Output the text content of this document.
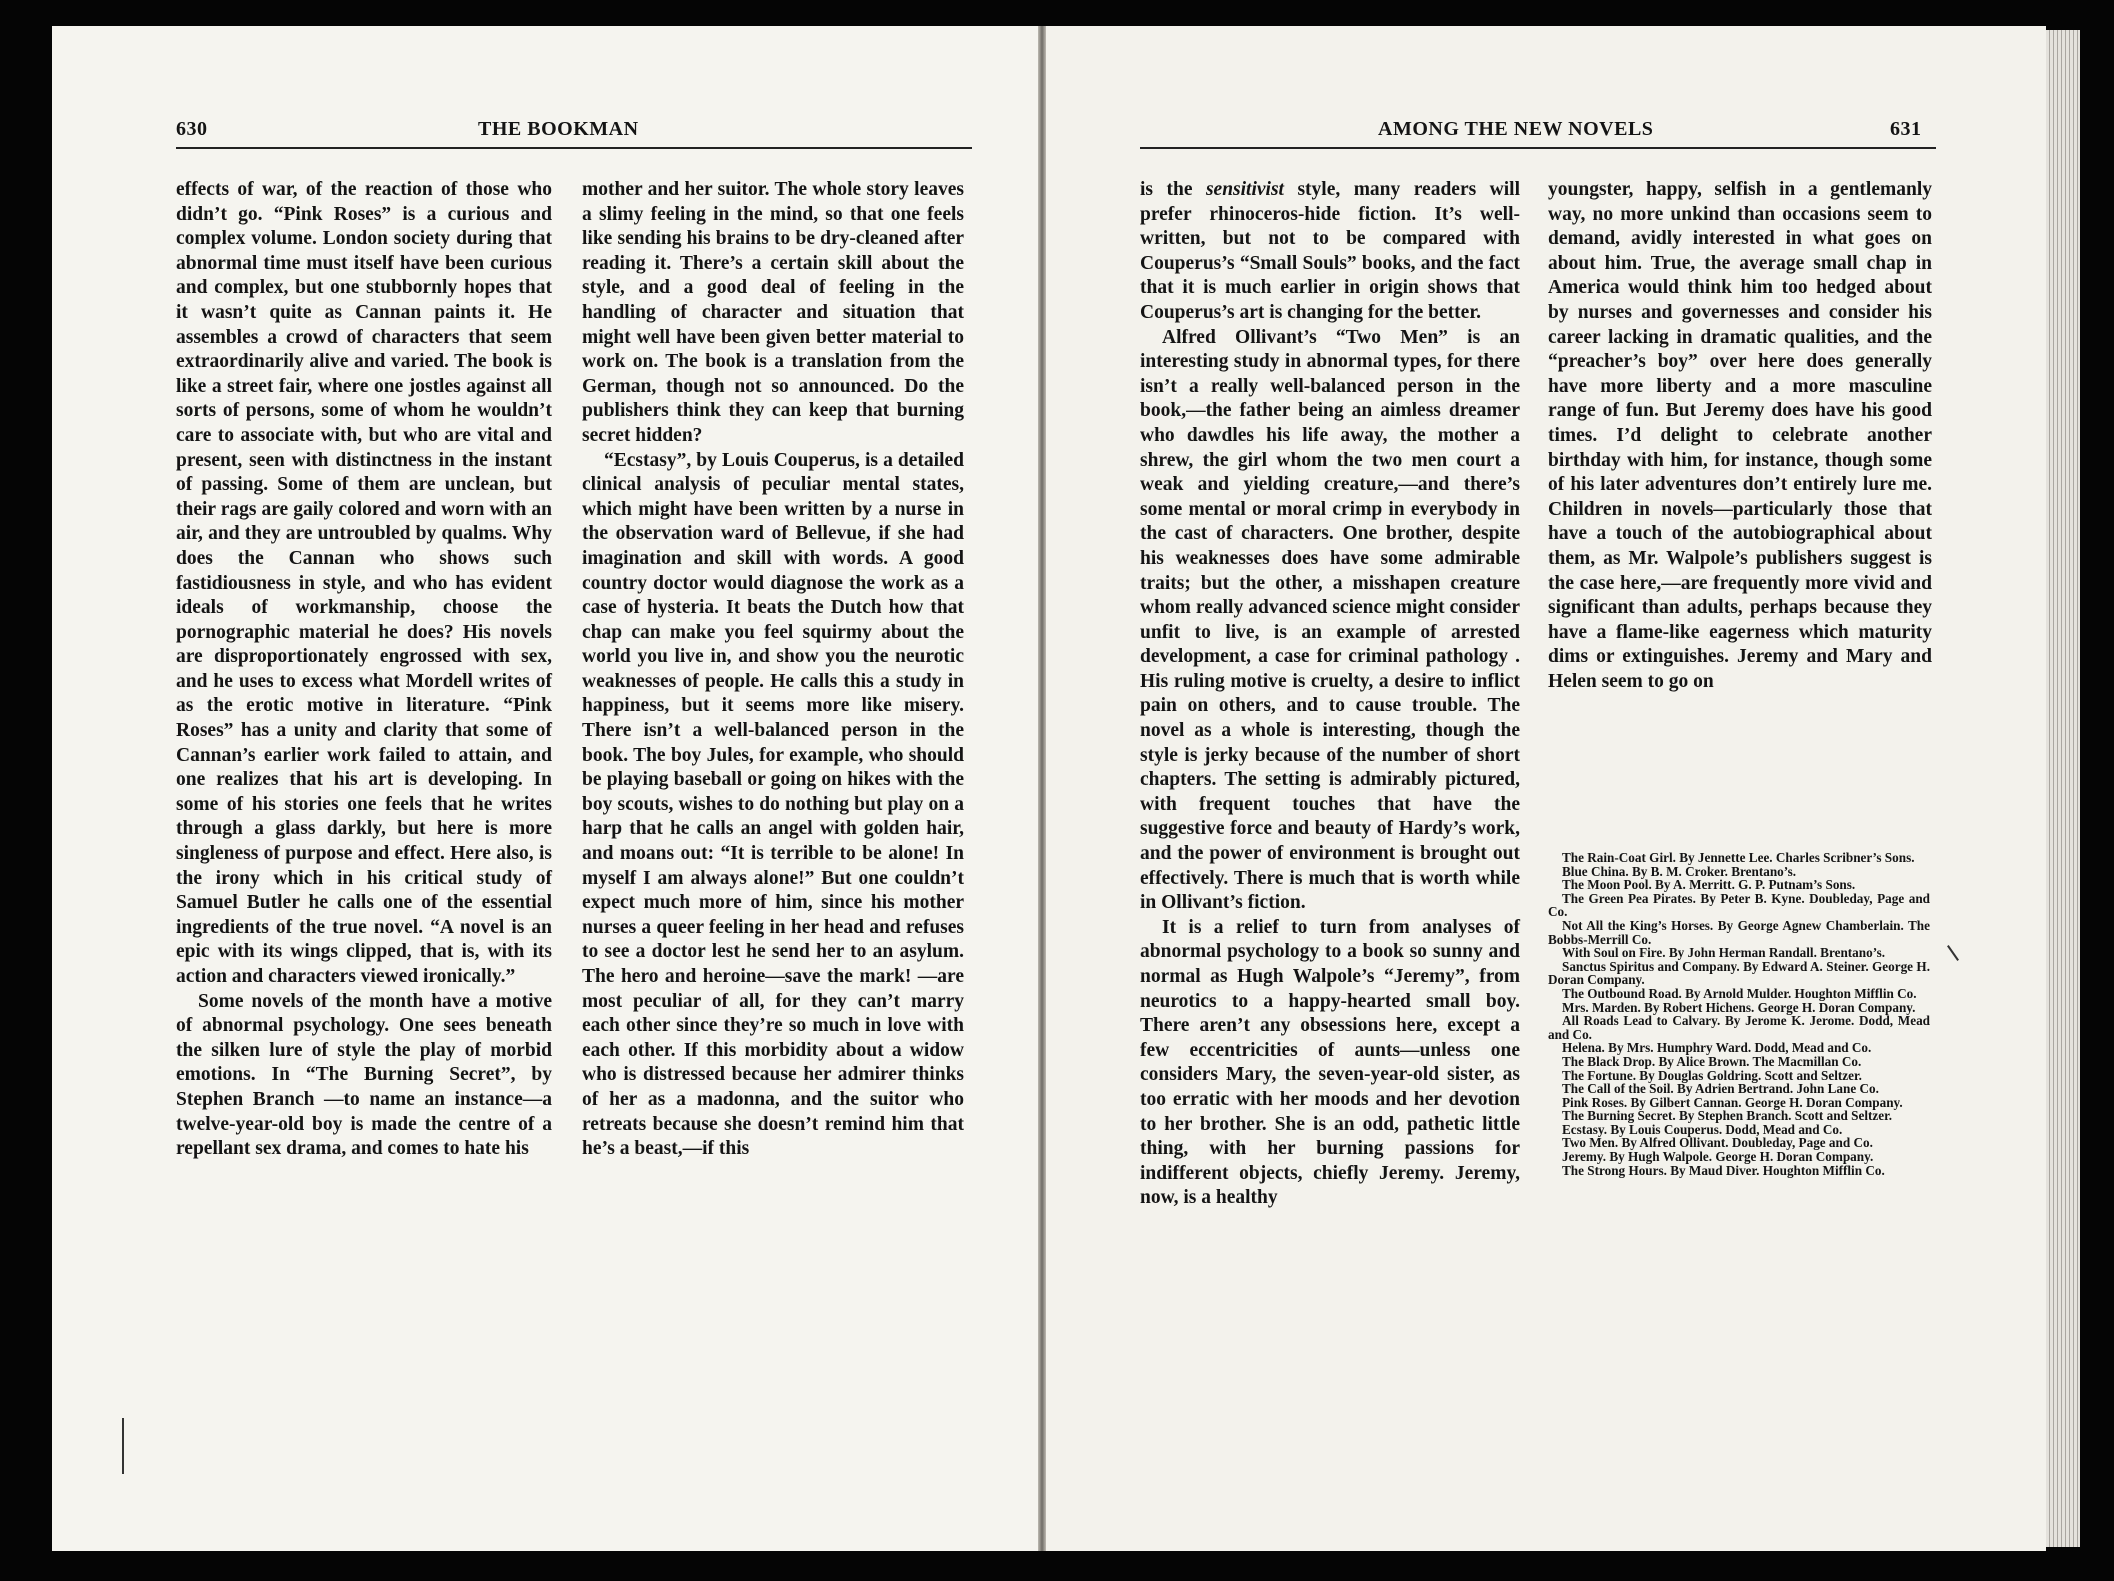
630	THE BOOKMAN

effects of war, of the reaction of those who didn’t go. “Pink Roses” is a curious and complex volume. London society during that abnormal time must itself have been curious and complex, but one stubbornly hopes that it wasn’t quite as Cannan paints it. He assembles a crowd of characters that seem extraordinarily alive and varied. The book is like a street fair, where one jostles against all sorts of persons, some of whom he wouldn’t care to associate with, but who are vital and present, seen with distinctness in the instant of passing. Some of them are unclean, but their rags are gaily colored and worn with an air, and they are untroubled by qualms. Why does the Cannan who shows such fastidiousness in style, and who has evident ideals of workmanship, choose the pornographic material he does? His novels are disproportionately engrossed with sex, and he uses to excess what Mordell writes of as the erotic motive in literature. “Pink Roses” has a unity and clarity that some of Cannan’s earlier work failed to attain, and one realizes that his art is developing. In some of his stories one feels that he writes through a glass darkly, but here is more singleness of purpose and effect. Here also, is the irony which in his critical study of Samuel Butler he calls one of the essential ingredients of the true novel. “A novel is an epic with its wings clipped, that is, with its action and characters viewed ironically.”

Some novels of the month have a motive of abnormal psychology. One sees beneath the silken lure of style the play of morbid emotions. In “The Burning Secret”, by Stephen Branch —to name an instance—a twelve-year-old boy is made the centre of a repellant sex drama, and comes to hate his

mother and her suitor. The whole story leaves a slimy feeling in the mind, so that one feels like sending his brains to be dry-cleaned after reading it. There’s a certain skill about the style, and a good deal of feeling in the handling of character and situation that might well have been given better material to work on. The book is a translation from the German, though not so announced. Do the publishers think they can keep that burning secret hidden?

“Ecstasy”, by Louis Couperus, is a detailed clinical analysis of peculiar mental states, which might have been written by a nurse in the observation ward of Bellevue, if she had imagination and skill with words. A good country doctor would diagnose the work as a case of hysteria. It beats the Dutch how that chap can make you feel squirmy about the world you live in, and show you the neurotic weaknesses of people. He calls this a study in happiness, but it seems more like misery. There isn’t a well-balanced person in the book. The boy Jules, for example, who should be playing baseball or going on hikes with the boy scouts, wishes to do nothing but play on a harp that he calls an angel with golden hair, and moans out: “It is terrible to be alone! In myself I am always alone!” But one couldn’t expect much more of him, since his mother nurses a queer feeling in her head and refuses to see a doctor lest he send her to an asylum. The hero and heroine—save the mark! —are most peculiar of all, for they can’t marry each other since they’re so much in love with each other. If this morbidity about a widow who is distressed because her admirer thinks of her as a madonna, and the suitor who retreats because she doesn’t remind him that he’s a beast,—if this

AMONG THE NEW NOVELS	631

is the sensitivist style, many readers will prefer rhinoceros-hide fiction. It’s well-written, but not to be compared with Couperus’s “Small Souls” books, and the fact that it is much earlier in origin shows that Couperus’s art is changing for the better.

Alfred Ollivant’s “Two Men” is an interesting study in abnormal types, for there isn’t a really well-balanced person in the book,—the father being an aimless dreamer who dawdles his life away, the mother a shrew, the girl whom the two men court a weak and yielding creature,—and there’s some mental or moral crimp in everybody in the cast of characters. One brother, despite his weaknesses does have some admirable traits; but the other, a misshapen creature whom really advanced science might consider unfit to live, is an example of arrested development, a case for criminal pathology . His ruling motive is cruelty, a desire to inflict pain on others, and to cause trouble. The novel as a whole is interesting, though the style is jerky because of the number of short chapters. The setting is admirably pictured, with frequent touches that have the suggestive force and beauty of Hardy’s work, and the power of environment is brought out effectively. There is much that is worth while in Ollivant’s fiction.

It is a relief to turn from analyses of abnormal psychology to a book so sunny and normal as Hugh Walpole’s “Jeremy”, from neurotics to a happy-hearted small boy. There aren’t any obsessions here, except a few eccentricities of aunts—unless one considers Mary, the seven-year-old sister, as too erratic with her moods and her devotion to her brother. She is an odd, pathetic little thing, with her burning passions for indifferent objects, chiefly Jeremy. Jeremy, now, is a healthy

youngster, happy, selfish in a gentlemanly way, no more unkind than occasions seem to demand, avidly interested in what goes on about him. True, the average small chap in America would think him too hedged about by nurses and governesses and consider his career lacking in dramatic qualities, and the “preacher’s boy” over here does generally have more liberty and a more masculine range of fun. But Jeremy does have his good times. I’d delight to celebrate another birthday with him, for instance, though some of his later adventures don’t entirely lure me. Children in novels—particularly those that have a touch of the autobiographical about them, as Mr. Walpole’s publishers suggest is the case here,—are frequently more vivid and significant than adults, perhaps because they have a flame-like eagerness which maturity dims or extinguishes. Jeremy and Mary and Helen seem to go on

The Rain-Coat Girl. By Jennette Lee. Charles Scribner’s Sons.
Blue China. By B. M. Croker. Brentano’s.
The Moon Pool. By A. Merritt. G. P. Putnam’s Sons.
The Green Pea Pirates. By Peter B. Kyne. Doubleday, Page and Co.
Not All the King’s Horses. By George Agnew Chamberlain. The Bobbs-Merrill Co.
With Soul on Fire. By John Herman Randall. Brentano’s.
Sanctus Spiritus and Company. By Edward A. Steiner. George H. Doran Company.
The Outbound Road. By Arnold Mulder. Houghton Mifflin Co.
Mrs. Marden. By Robert Hichens. George H. Doran Company.
All Roads Lead to Calvary. By Jerome K. Jerome. Dodd, Mead and Co.
Helena. By Mrs. Humphry Ward. Dodd, Mead and Co.
The Black Drop. By Alice Brown. The Macmillan Co.
The Fortune. By Douglas Goldring. Scott and Seltzer.
The Call of the Soil. By Adrien Bertrand. John Lane Co.
Pink Roses. By Gilbert Cannan. George H. Doran Company.
The Burning Secret. By Stephen Branch. Scott and Seltzer.
Ecstasy. By Louis Couperus. Dodd, Mead and Co.
Two Men. By Alfred Ollivant. Doubleday, Page and Co.
Jeremy. By Hugh Walpole. George H. Doran Company.
The Strong Hours. By Maud Diver. Houghton Mifflin Co.
